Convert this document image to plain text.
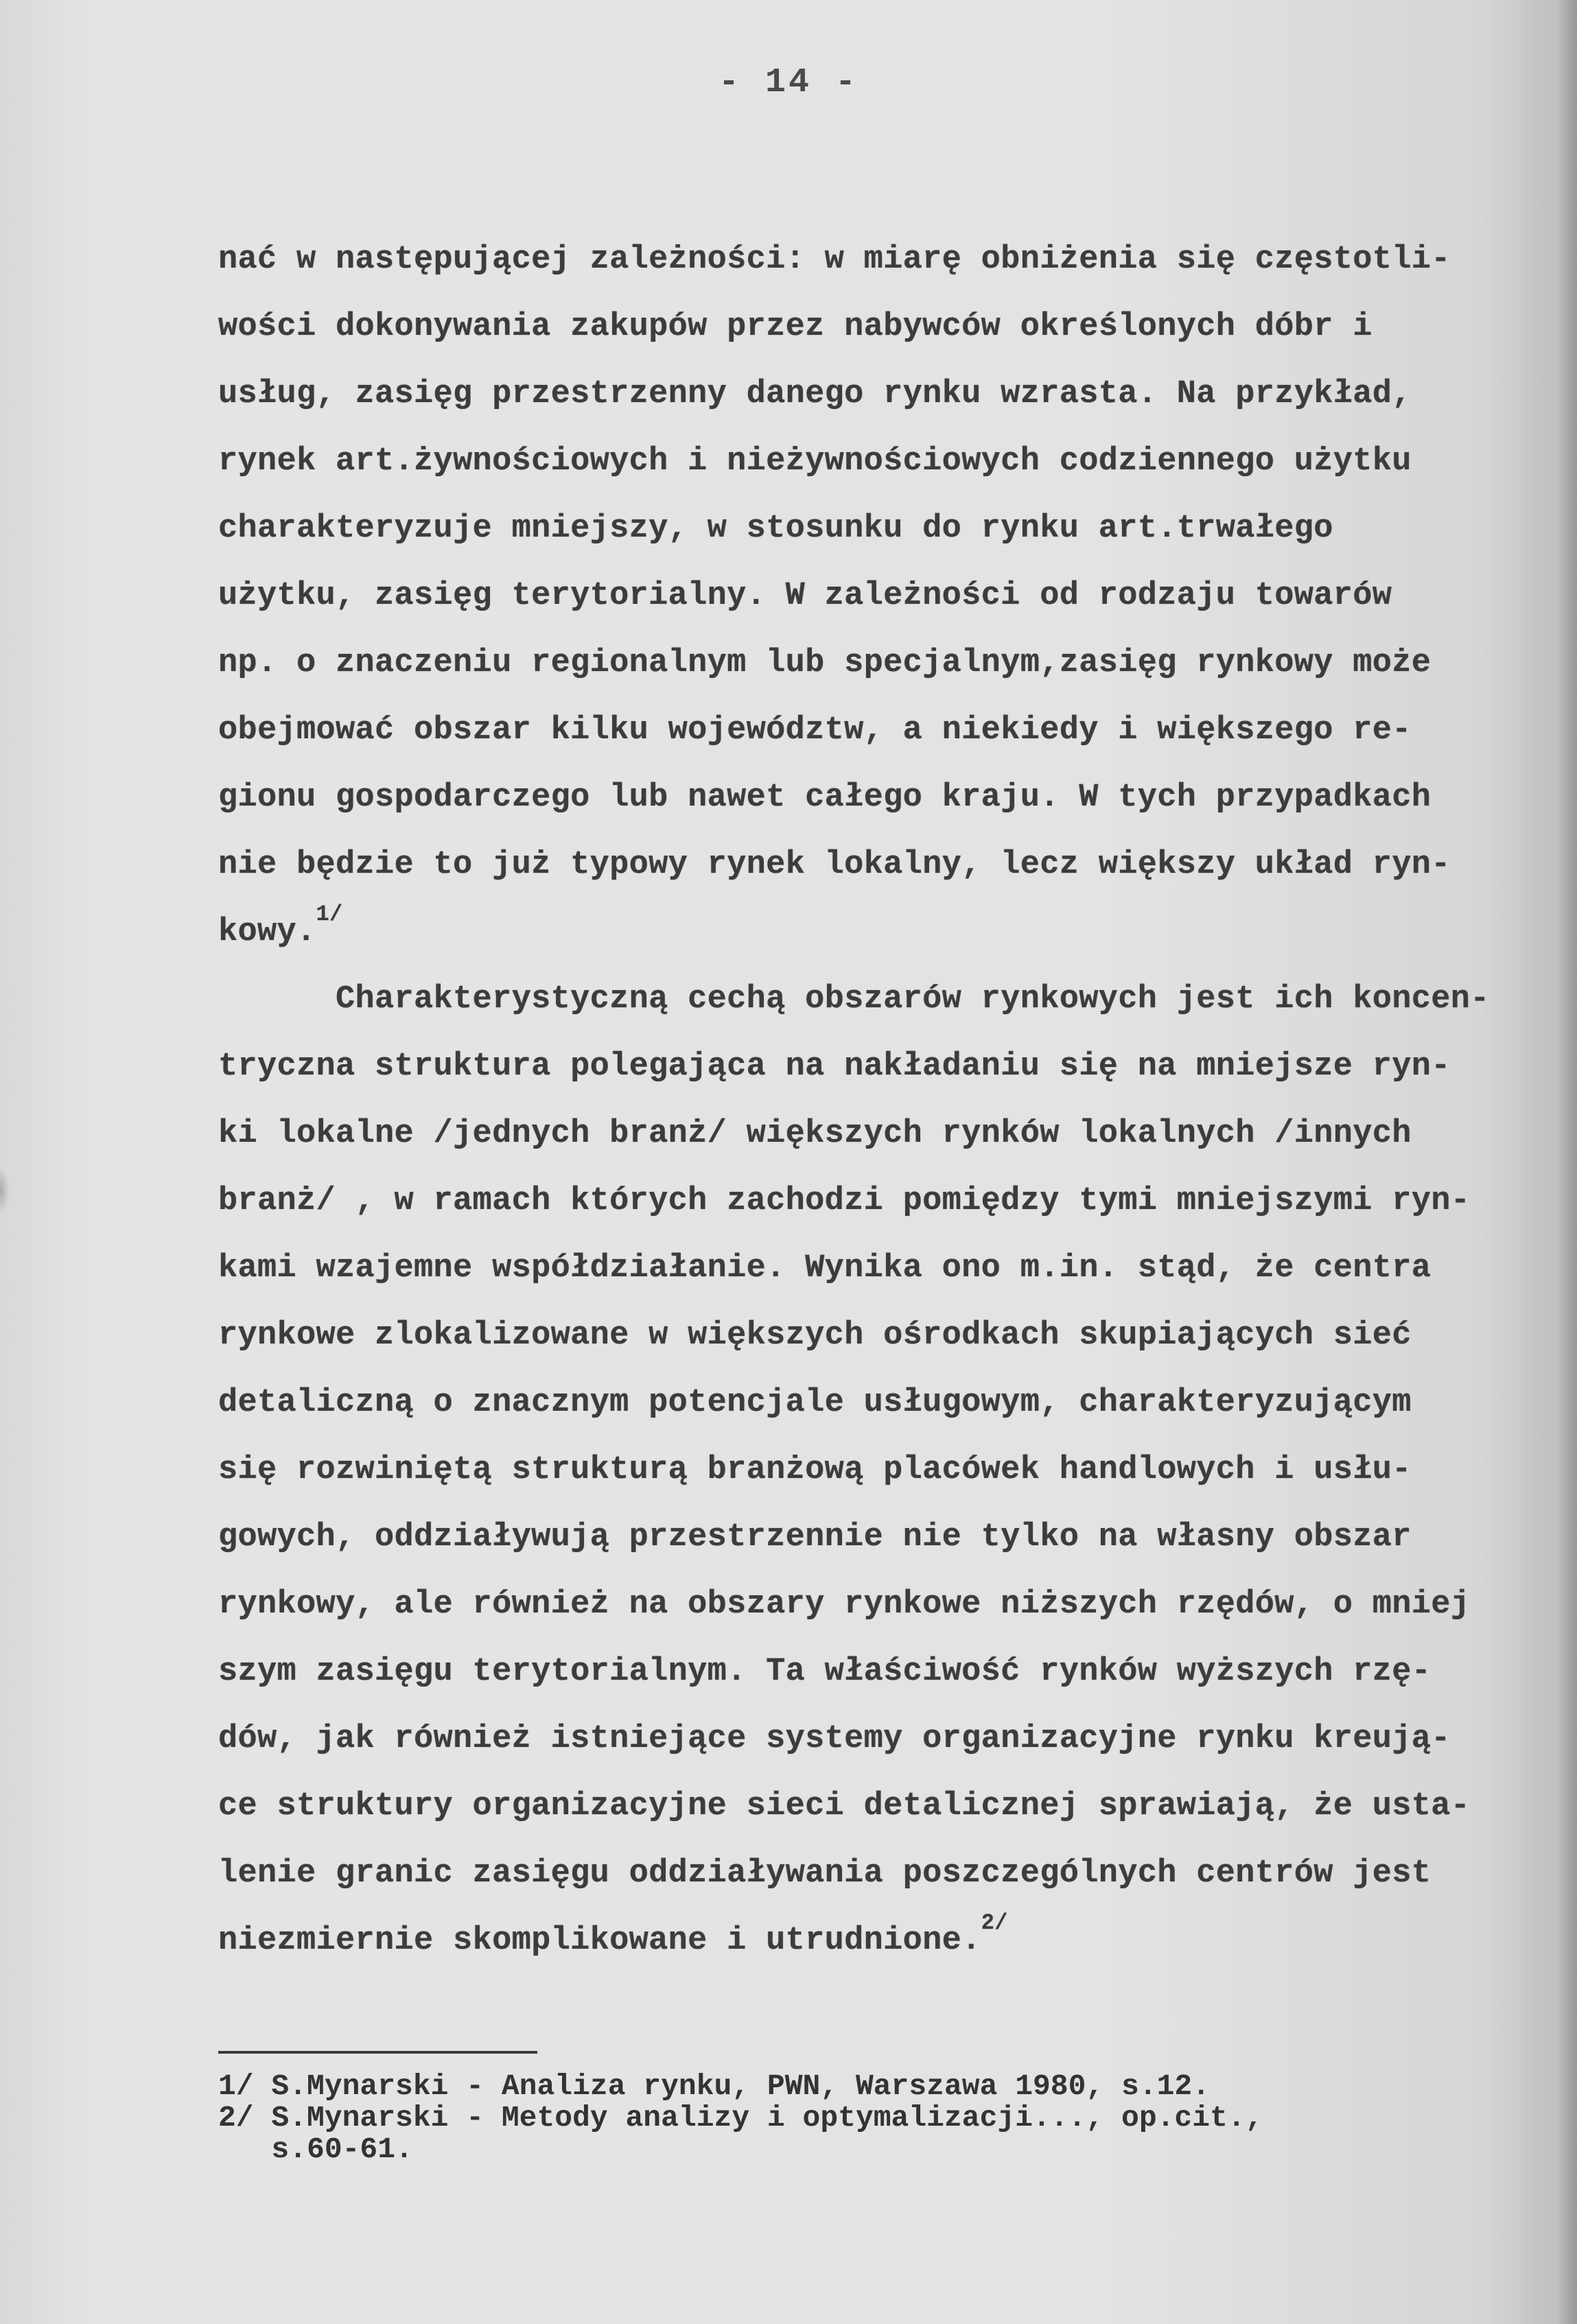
- 14 -
nać w następującej zależności: w miarę obniżenia się częstotli-
wości dokonywania zakupów przez nabywców określonych dóbr i
usług, zasięg przestrzenny danego rynku wzrasta. Na przykład,
rynek art.żywnościowych i nieżywnościowych codziennego użytku
charakteryzuje mniejszy, w stosunku do rynku art.trwałego
użytku, zasięg terytorialny. W zależności od rodzaju towarów
np. o znaczeniu regionalnym lub specjalnym,zasięg rynkowy może
obejmować obszar kilku województw, a niekiedy i większego re-
gionu gospodarczego lub nawet całego kraju. W tych przypadkach
nie będzie to już typowy rynek lokalny, lecz większy układ ryn-
kowy.$^{1/}$
Charakterystyczną cechą obszarów rynkowych jest ich koncen-
tryczna struktura polegająca na nakładaniu się na mniejsze ryn-
ki lokalne /jednych branż/ większych rynków lokalnych /innych
branż/ , w ramach których zachodzi pomiędzy tymi mniejszymi ryn-
kami wzajemne współdziałanie. Wynika ono m.in. stąd, że centra
rynkowe zlokalizowane w większych ośrodkach skupiających sieć
detaliczną o znacznym potencjale usługowym, charakteryzującym
się rozwiniętą strukturą branżową placówek handlowych i usłu-
gowych, oddziaływują przestrzennie nie tylko na własny obszar
rynkowy, ale również na obszary rynkowe niższych rzędów, o mniej
szym zasięgu terytorialnym. Ta właściwość rynków wyższych rzę-
dów, jak również istniejące systemy organizacyjne rynku kreują-
ce struktury organizacyjne sieci detalicznej sprawiają, że usta-
lenie granic zasięgu oddziaływania poszczególnych centrów jest
niezmiernie skomplikowane i utrudnione.$^{2/}$
1/ S.Mynarski - Analiza rynku, PWN, Warszawa 1980, s.12.
2/ S.Mynarski - Metody analizy i optymalizacji..., op.cit.,
s.60-61.
